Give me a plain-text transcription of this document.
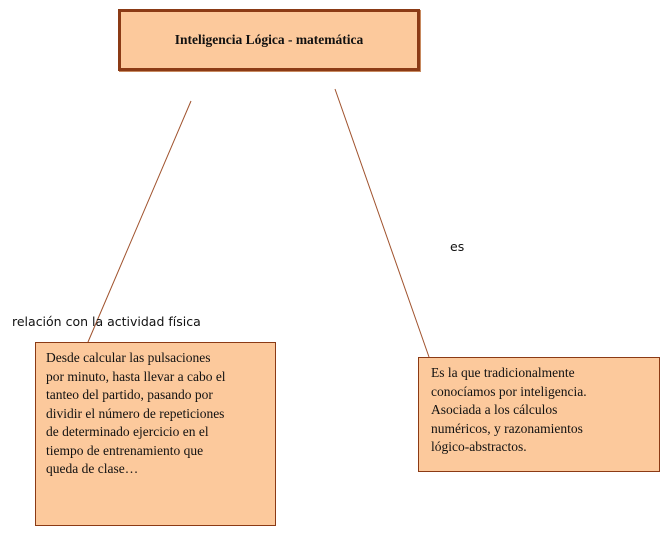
Inteligencia Lógica - matemática
es
relación con la actividad física
Desde calcular las pulsaciones
por minuto, hasta llevar a cabo el
tanteo del partido, pasando por
dividir el número de repeticiones
de determinado ejercicio en el
tiempo de entrenamiento que
queda de clase…
Es la que tradicionalmente
conocíamos por inteligencia.
Asociada a los cálculos
numéricos, y razonamientos
lógico-abstractos.
